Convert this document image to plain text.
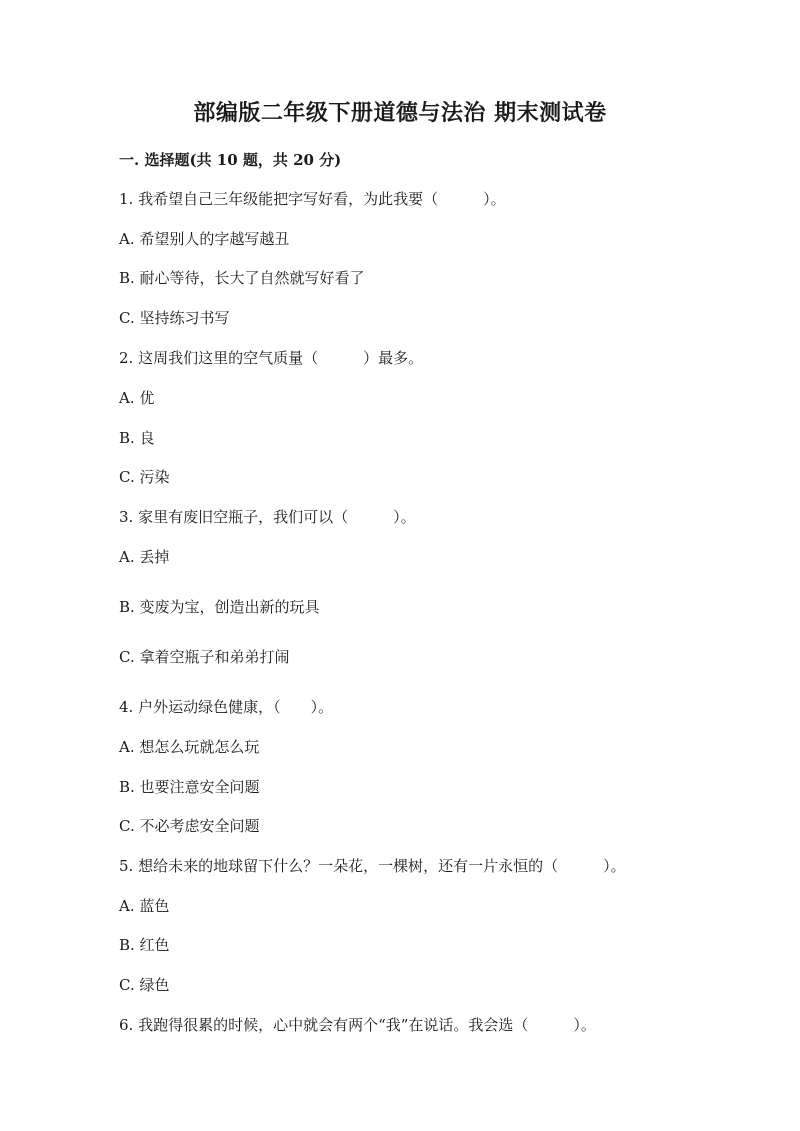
部编版二年级下册道德与法治 期末测试卷
一. 选择题(共 10 题，共 20 分)
1. 我希望自己三年级能把字写好看，为此我要（　　　）。
A. 希望别人的字越写越丑
B. 耐心等待，长大了自然就写好看了
C. 坚持练习书写
2. 这周我们这里的空气质量（　　　）最多。
A. 优
B. 良
C. 污染
3. 家里有废旧空瓶子，我们可以（　　　）。
A. 丢掉
B. 变废为宝，创造出新的玩具
C. 拿着空瓶子和弟弟打闹
4. 户外运动绿色健康，（　　）。
A. 想怎么玩就怎么玩
B. 也要注意安全问题
C. 不必考虑安全问题
5. 想给未来的地球留下什么？一朵花，一棵树，还有一片永恒的（　　　）。
A. 蓝色
B. 红色
C. 绿色
6. 我跑得很累的时候，心中就会有两个“我”在说话。我会选（　　　）。
